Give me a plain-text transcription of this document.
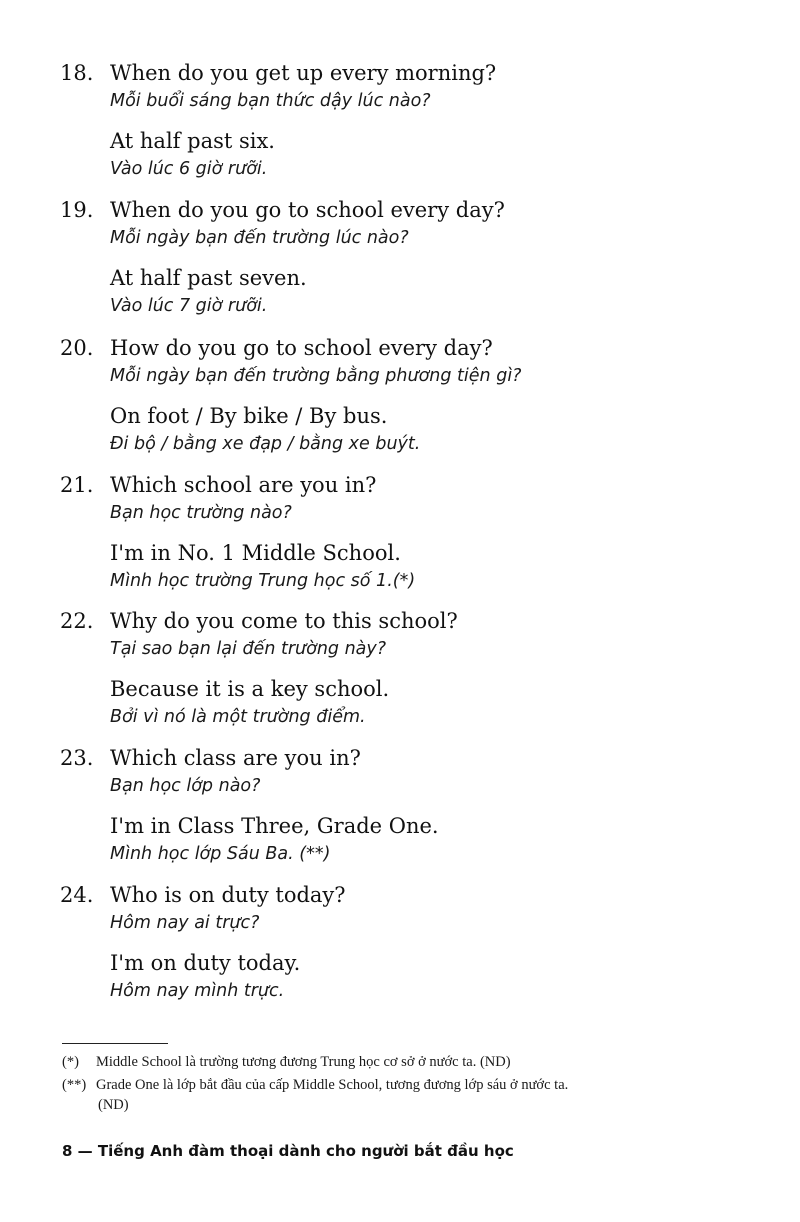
18. When do you get up every morning?
Mỗi buổi sáng bạn thức dậy lúc nào?
At half past six.
Vào lúc 6 giờ rưỡi.
19. When do you go to school every day?
Mỗi ngày bạn đến trường lúc nào?
At half past seven.
Vào lúc 7 giờ rưỡi.
20. How do you go to school every day?
Mỗi ngày bạn đến trường bằng phương tiện gì?
On foot / By bike / By bus.
Đi bộ / bằng xe đạp / bằng xe buýt.
21. Which school are you in?
Bạn học trường nào?
I'm in No. 1 Middle School.
Mình học trường Trung học số 1.(*)
22. Why do you come to this school?
Tại sao bạn lại đến trường này?
Because it is a key school.
Bởi vì nó là một trường điểm.
23. Which class are you in?
Bạn học lớp nào?
I'm in Class Three, Grade One.
Mình học lớp Sáu Ba. (**)
24. Who is on duty today?
Hôm nay ai trực?
I'm on duty today.
Hôm nay mình trực.
(*) Middle School là trường tương đương Trung học cơ sở ở nước ta. (ND)
(**) Grade One là lớp bắt đầu của cấp Middle School, tương đương lớp sáu ở nước ta.
(ND)
8 — Tiếng Anh đàm thoại dành cho người bắt đầu học
